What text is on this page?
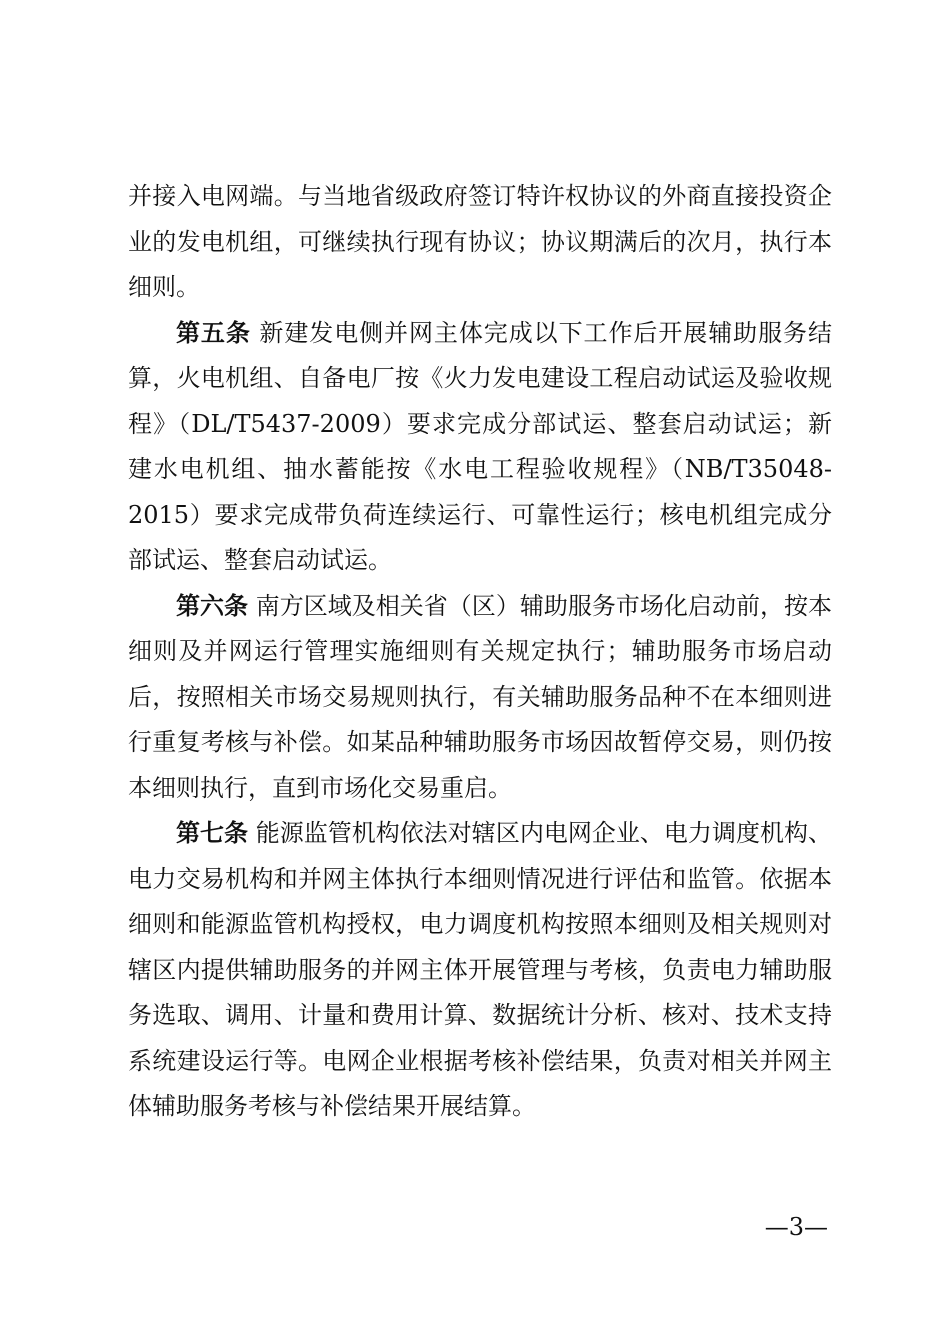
并接入电网端。与当地省级政府签订特许权协议的外商直接投资企业的发电机组，可继续执行现有协议；协议期满后的次月，执行本细则。

第五条 新建发电侧并网主体完成以下工作后开展辅助服务结算，火电机组、自备电厂按《火力发电建设工程启动试运及验收规程》（DL/T5437-2009）要求完成分部试运、整套启动试运；新建水电机组、抽水蓄能按《水电工程验收规程》（NB/T35048-2015）要求完成带负荷连续运行、可靠性运行；核电机组完成分部试运、整套启动试运。

第六条 南方区域及相关省（区）辅助服务市场化启动前，按本细则及并网运行管理实施细则有关规定执行；辅助服务市场启动后，按照相关市场交易规则执行，有关辅助服务品种不在本细则进行重复考核与补偿。如某品种辅助服务市场因故暂停交易，则仍按本细则执行，直到市场化交易重启。

第七条 能源监管机构依法对辖区内电网企业、电力调度机构、电力交易机构和并网主体执行本细则情况进行评估和监管。依据本细则和能源监管机构授权，电力调度机构按照本细则及相关规则对辖区内提供辅助服务的并网主体开展管理与考核，负责电力辅助服务选取、调用、计量和费用计算、数据统计分析、核对、技术支持系统建设运行等。电网企业根据考核补偿结果，负责对相关并网主体辅助服务考核与补偿结果开展结算。

—3—
